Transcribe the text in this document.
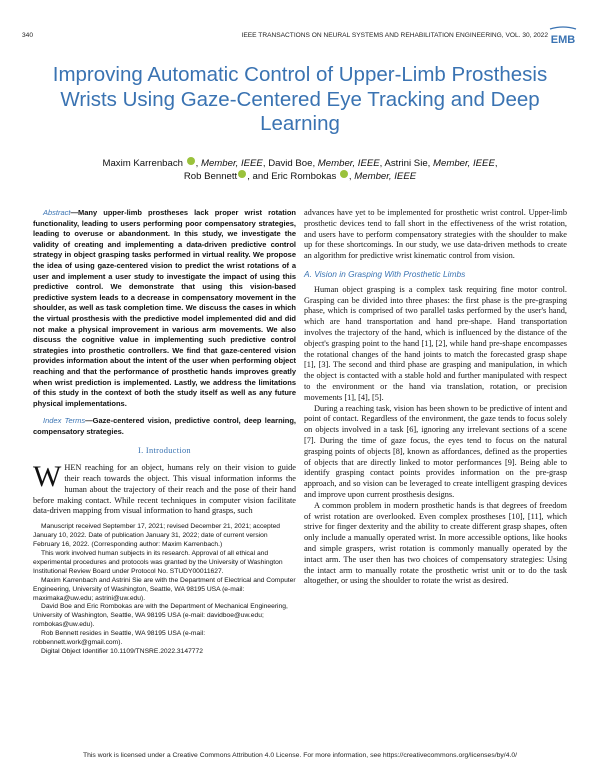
340	IEEE TRANSACTIONS ON NEURAL SYSTEMS AND REHABILITATION ENGINEERING, VOL. 30, 2022 EMB
Improving Automatic Control of Upper-Limb Prosthesis Wrists Using Gaze-Centered Eye Tracking and Deep Learning
Maxim Karrenbach , Member, IEEE, David Boe, Member, IEEE, Astrini Sie, Member, IEEE,
Rob Bennett , and Eric Rombokas , Member, IEEE

Abstract—Many upper-limb prostheses lack proper wrist rotation functionality, leading to users performing poor compensatory strategies, leading to overuse or abandonment. In this study, we investigate the validity of creating and implementing a data-driven predictive control strategy in object grasping tasks performed in virtual reality. We propose the idea of using gaze-centered vision to predict the wrist rotations of a user and implement a user study to investigate the impact of using this predictive control. We demonstrate that using this vision-based predictive system leads to a decrease in compensatory movement in the shoulder, as well as task completion time. We discuss the cases in which the virtual prosthesis with the predictive model implemented did and did not make a physical improvement in various arm movements. We also discuss the cognitive value in implementing such predictive control strategies into prosthetic controllers. We find that gaze-centered vision provides information about the intent of the user when performing object reaching and that the performance of prosthetic hands improves greatly when wrist prediction is implemented. Lastly, we address the limitations of this study in the context of both the study itself as well as any future physical implementations.

Index Terms—Gaze-centered vision, predictive control, deep learning, compensatory strategies.

I. Introduction

WHEN reaching for an object, humans rely on their vision to guide their reach towards the object. This visual information informs the human about the trajectory of their reach and the pose of their hand before making contact. While recent techniques in computer vision facilitate data-driven mapping from visual information to hand grasps, such

Manuscript received September 17, 2021; revised December 21, 2021; accepted January 10, 2022. Date of publication January 31, 2022; date of current version February 16, 2022. (Corresponding author: Maxim Karrenbach.)

This work involved human subjects in its research. Approval of all ethical and experimental procedures and protocols was granted by the University of Washington Institutional Review Board under Protocol No. STUDY00011627.

Maxim Karrenbach and Astrini Sie are with the Department of Electrical and Computer Engineering, University of Washington, Seattle, WA 98195 USA (e-mail: maximaka@uw.edu; astrini@uw.edu).

David Boe and Eric Rombokas are with the Department of Mechanical Engineering, University of Washington, Seattle, WA 98195 USA (e-mail: davidboe@uw.edu; rombokas@uw.edu).

Rob Bennett resides in Seattle, WA 98195 USA (e-mail: robbennett.work@gmail.com).

Digital Object Identifier 10.1109/TNSRE.2022.3147772

advances have yet to be implemented for prosthetic wrist control. Upper-limb prosthetic devices tend to fall short in the effectiveness of the wrist rotation, and users have to perform compensatory strategies with the shoulder to make up for these shortcomings. In our study, we use data-driven methods to create an algorithm for predictive wrist kinematic control from vision.

A. Vision in Grasping With Prosthetic Limbs

Human object grasping is a complex task requiring fine motor control. Grasping can be divided into three phases: the first phase is the pre-grasping phase, which is comprised of two parallel tasks performed by the user's hand, which are hand transportation and hand pre-shape. Hand transportation involves the trajectory of the hand, which is influenced by the distance of the object's grasping point to the hand [1], [2], while hand pre-shape encompasses the rotational changes of the hand joints to match the forecasted grasp shape [1], [3]. The second and third phase are grasping and manipulation, in which the object is contacted with a stable hold and further manipulated with respect to the environment or the hand via translation, rotation, or precision movements [1], [4], [5].

During a reaching task, vision has been shown to be predictive of intent and point of contact. Regardless of the environment, the gaze tends to focus solely on objects involved in a task [6], ignoring any irrelevant sections of a scene [7]. During the time of gaze focus, the eyes tend to focus on the natural grasping points of objects [8], known as affordances, defined as the properties of objects that are directly linked to motor performances [9]. Being able to identify grasping contact points provides information on the pre-grasp approach, and so vision can be leveraged to create intelligent grasping devices and improve upon current prosthesis designs.

A common problem in modern prosthetic hands is that degrees of freedom of wrist rotation are overlooked. Even complex prostheses [10], [11], which strive for finger dexterity and the ability to create different grasp shapes, often only include a manually operated wrist. In more accessible options, like hooks and simple graspers, wrist rotation is commonly manually operated by the intact arm. The user then has two choices of compensatory strategies: Using the intact arm to manually rotate the prosthetic wrist unit or to do the task altogether, or using the shoulder to rotate the wrist as desired.

This work is licensed under a Creative Commons Attribution 4.0 License. For more information, see https://creativecommons.org/licenses/by/4.0/
